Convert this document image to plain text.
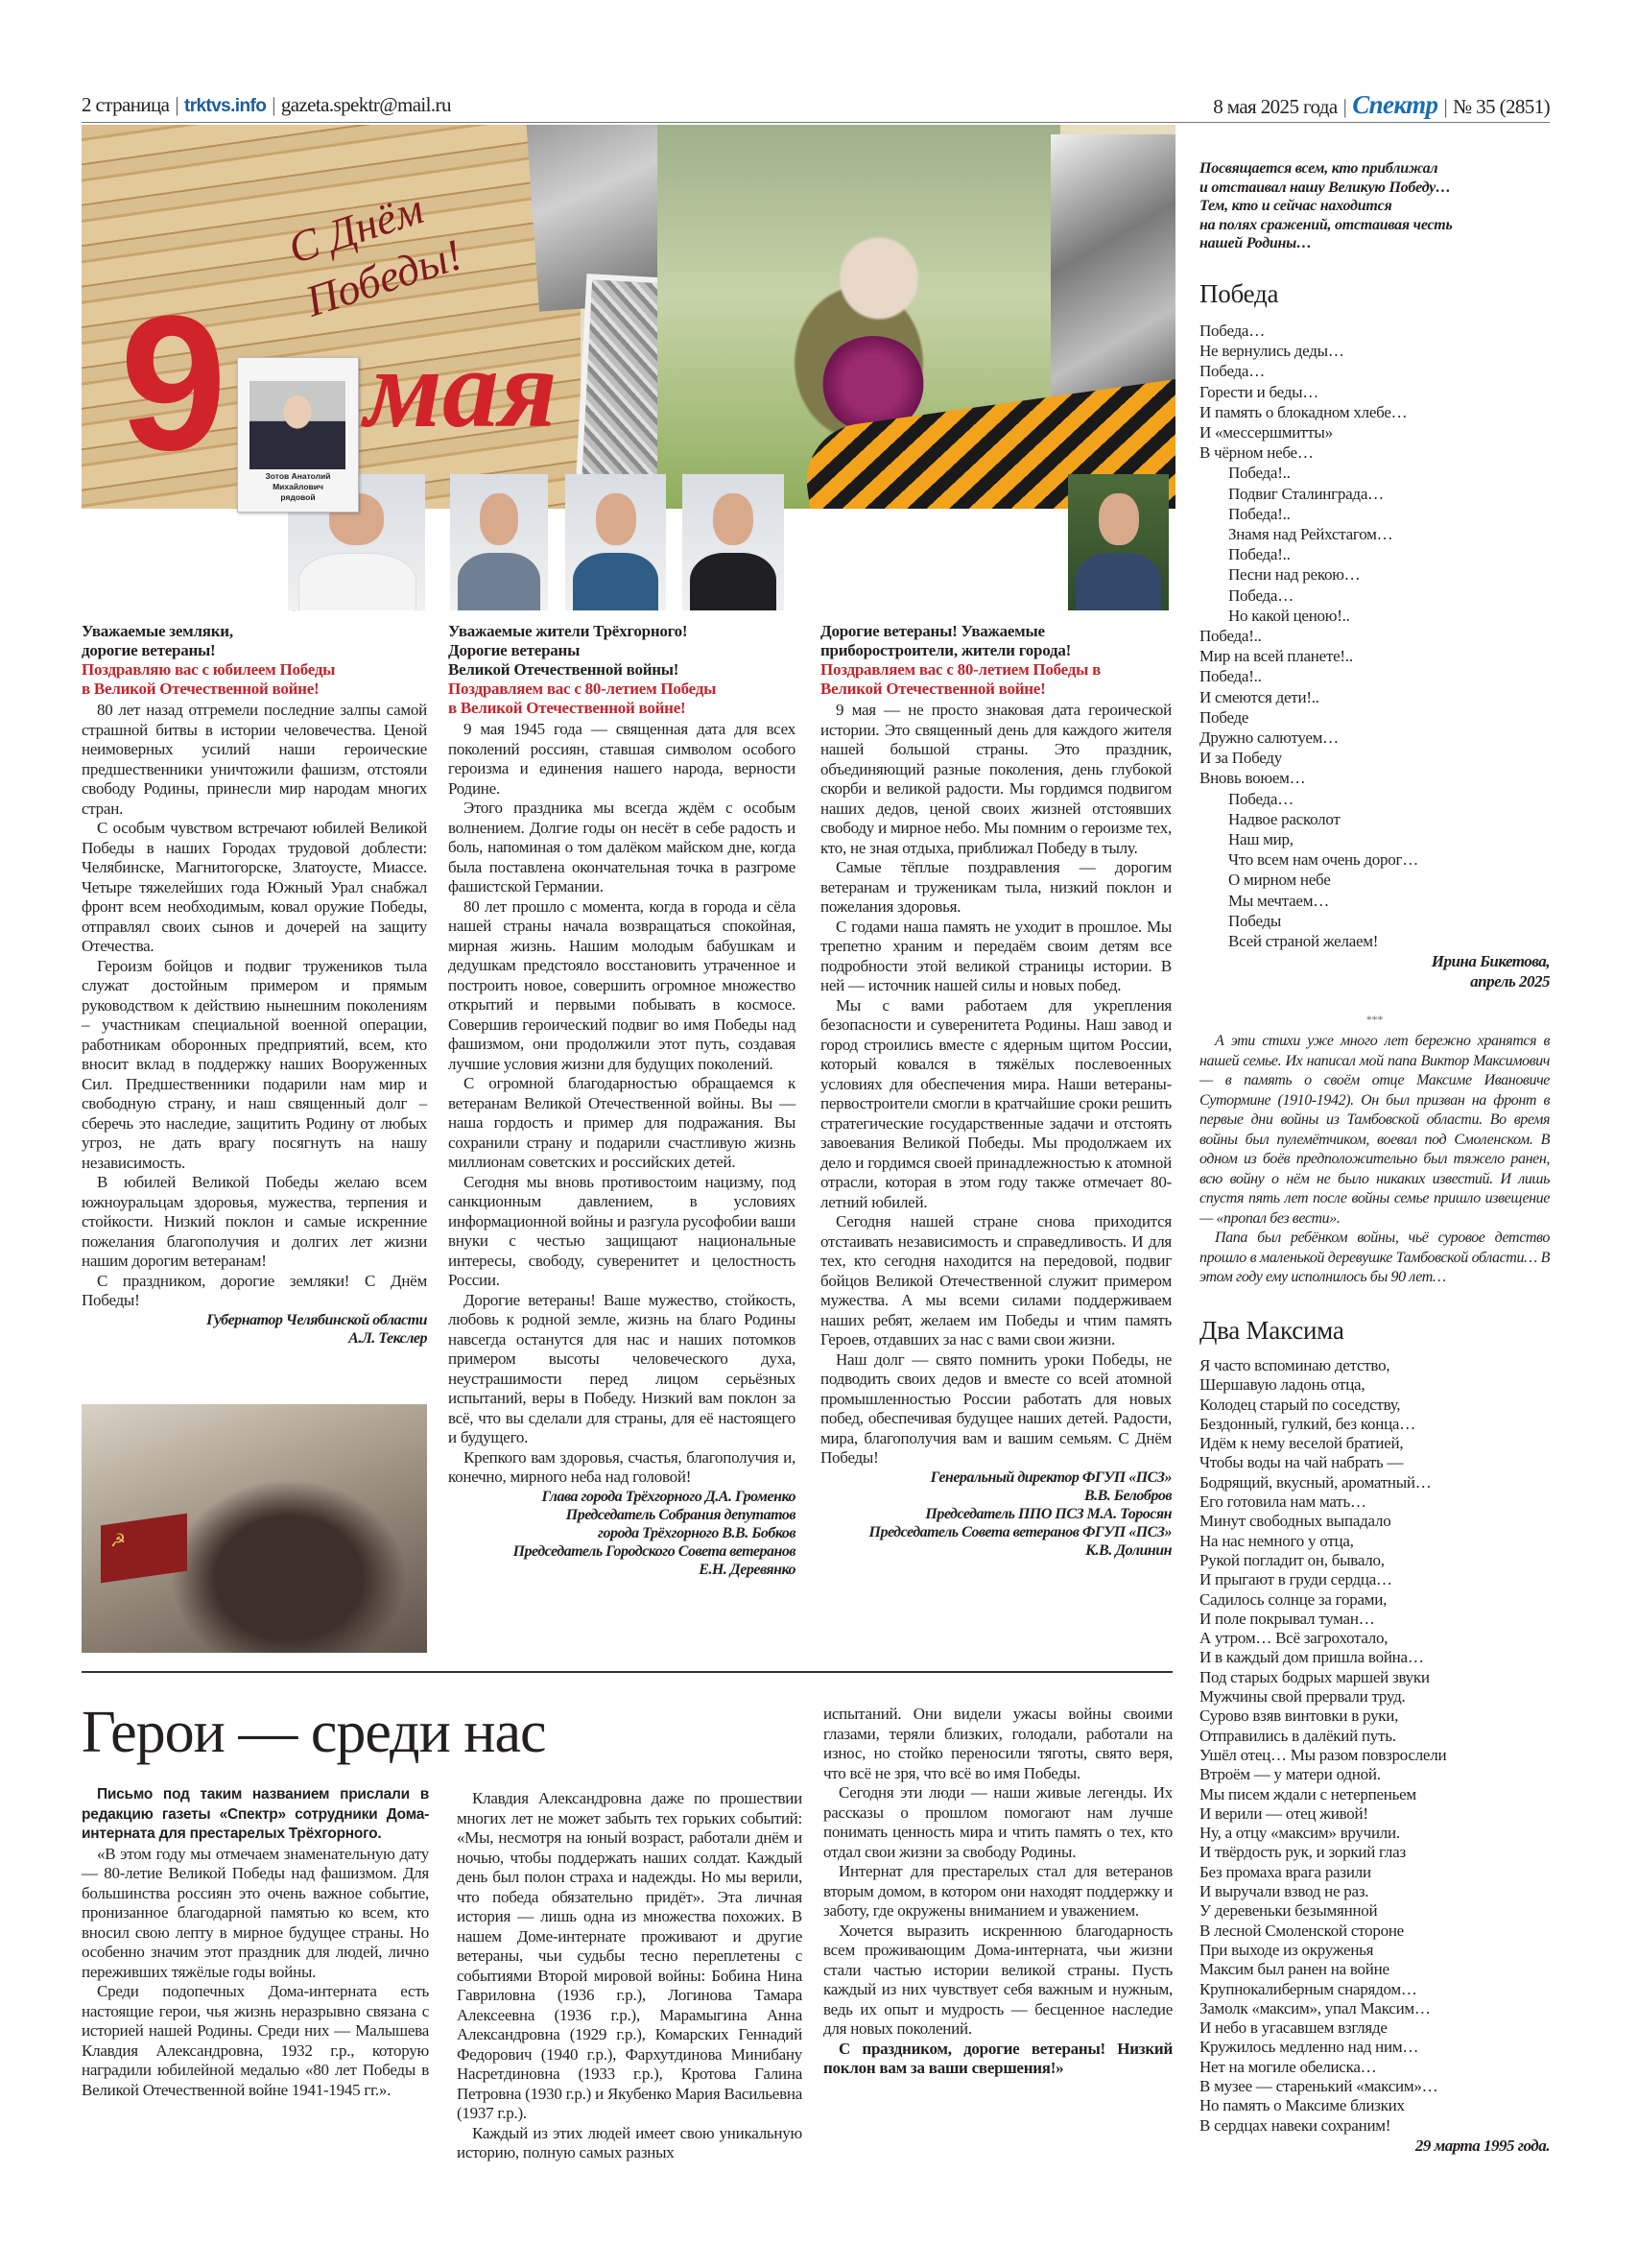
2 страница | trktvs.info | gazeta.spektr@mail.ru	8 мая 2025 года | Спектр | № 35 (2851)
9 мая
С Днём Победы!
Зотов Анатолий
Михайлович
рядовой
Уважаемые земляки,
дорогие ветераны!
Поздравляю вас с юбилеем Победы
в Великой Отечественной войне!

80 лет назад отгремели последние залпы самой страшной битвы в истории человечества. Ценой неимоверных усилий наши героические предшественники уничтожили фашизм, отстояли свободу Родины, принесли мир народам многих стран.

С особым чувством встречают юбилей Великой Победы в наших Городах трудовой доблести: Челябинске, Магнитогорске, Златоусте, Миассе. Четыре тяжелейших года Южный Урал снабжал фронт всем необходимым, ковал оружие Победы, отправлял своих сынов и дочерей на защиту Отечества.

Героизм бойцов и подвиг тружеников тыла служат достойным примером и прямым руководством к действию нынешним поколениям – участникам специальной военной операции, работникам оборонных предприятий, всем, кто вносит вклад в поддержку наших Вооруженных Сил. Предшественники подарили нам мир и свободную страну, и наш священный долг – сберечь это наследие, защитить Родину от любых угроз, не дать врагу посягнуть на нашу независимость.

В юбилей Великой Победы желаю всем южноуральцам здоровья, мужества, терпения и стойкости. Низкий поклон и самые искренние пожелания благополучия и долгих лет жизни нашим дорогим ветеранам!

С праздником, дорогие земляки! С Днём Победы!

Губернатор Челябинской области
А.Л. Текслер
Уважаемые жители Трёхгорного!
Дорогие ветераны
Великой Отечественной войны!
Поздравляем вас с 80-летием Победы
в Великой Отечественной войне!

9 мая 1945 года — священная дата для всех поколений россиян, ставшая символом особого героизма и единения нашего народа, верности Родине.

Этого праздника мы всегда ждём с особым волнением. Долгие годы он несёт в себе радость и боль, напоминая о том далёком майском дне, когда была поставлена окончательная точка в разгроме фашистской Германии.

80 лет прошло с момента, когда в города и сёла нашей страны начала возвращаться спокойная, мирная жизнь. Нашим молодым бабушкам и дедушкам предстояло восстановить утраченное и построить новое, совершить огромное множество открытий и первыми побывать в космосе. Совершив героический подвиг во имя Победы над фашизмом, они продолжили этот путь, создавая лучшие условия жизни для будущих поколений.

С огромной благодарностью обращаемся к ветеранам Великой Отечественной войны. Вы — наша гордость и пример для подражания. Вы сохранили страну и подарили счастливую жизнь миллионам советских и российских детей.

Сегодня мы вновь противостоим нацизму, под санкционным давлением, в условиях информационной войны и разгула русофобии ваши внуки с честью защищают национальные интересы, свободу, суверенитет и целостность России.

Дорогие ветераны! Ваше мужество, стойкость, любовь к родной земле, жизнь на благо Родины навсегда останутся для нас и наших потомков примером высоты человеческого духа, неустрашимости перед лицом серьёзных испытаний, веры в Победу. Низкий вам поклон за всё, что вы сделали для страны, для её настоящего и будущего.

Крепкого вам здоровья, счастья, благополучия и, конечно, мирного неба над головой!

Глава города Трёхгорного Д.А. Громенко
Председатель Собрания депутатов
города Трёхгорного В.В. Бобков
Председатель Городского Совета ветеранов
Е.Н. Деревянко
Дорогие ветераны! Уважаемые
приборостроители, жители города!
Поздравляем вас с 80-летием Победы в
Великой Отечественной войне!

9 мая — не просто знаковая дата героической истории. Это священный день для каждого жителя нашей большой страны. Это праздник, объединяющий разные поколения, день глубокой скорби и великой радости. Мы гордимся подвигом наших дедов, ценой своих жизней отстоявших свободу и мирное небо. Мы помним о героизме тех, кто, не зная отдыха, приближал Победу в тылу.

Самые тёплые поздравления — дорогим ветеранам и труженикам тыла, низкий поклон и пожелания здоровья.

С годами наша память не уходит в прошлое. Мы трепетно храним и передаём своим детям все подробности этой великой страницы истории. В ней — источник нашей силы и новых побед.

Мы с вами работаем для укрепления безопасности и суверенитета Родины. Наш завод и город строились вместе с ядерным щитом России, который ковался в тяжёлых послевоенных условиях для обеспечения мира. Наши ветераны-первостроители смогли в кратчайшие сроки решить стратегические государственные задачи и отстоять завоевания Великой Победы. Мы продолжаем их дело и гордимся своей принадлежностью к атомной отрасли, которая в этом году также отмечает 80-летний юбилей.

Сегодня нашей стране снова приходится отстаивать независимость и справедливость. И для тех, кто сегодня находится на передовой, подвиг бойцов Великой Отечественной служит примером мужества. А мы всеми силами поддерживаем наших ребят, желаем им Победы и чтим память Героев, отдавших за нас с вами свои жизни.

Наш долг — свято помнить уроки Победы, не подводить своих дедов и вместе со всей атомной промышленностью России работать для новых побед, обеспечивая будущее наших детей. Радости, мира, благополучия вам и вашим семьям. С Днём Победы!

Генеральный директор ФГУП «ПСЗ»
В.В. Белобров
Председатель ППО ПСЗ М.А. Торосян
Председатель Совета ветеранов ФГУП «ПСЗ»
К.В. Долинин
☭
Посвящается всем, кто приближал
и отстаивал нашу Великую Победу…
Тем, кто и сейчас находится
на полях сражений, отстаивая честь
нашей Родины…
Победа
Победа…
Не вернулись деды…
Победа…
Горести и беды…
И память о блокадном хлебе…
И «мессершмитты»
В чёрном небе…
Победа!..
Подвиг Сталинграда…
Победа!..
Знамя над Рейхстагом…
Победа!..
Песни над рекою…
Победа…
Но какой ценою!..
Победа!..
Мир на всей планете!..
Победа!..
И смеются дети!..
Победе
Дружно салютуем…
И за Победу
Вновь воюем…
Победа…
Надвое расколот
Наш мир,
Что всем нам очень дорог…
О мирном небе
Мы мечтаем…
Победы
Всей страной желаем!
Ирина Бикетова,
апрель 2025
***

А эти стихи уже много лет бережно хранятся в нашей семье. Их написал мой папа Виктор Максимович — в память о своём отце Максиме Ивановиче Сутормине (1910-1942). Он был призван на фронт в первые дни войны из Тамбовской области. Во время войны был пулемётчиком, воевал под Смоленском. В одном из боёв предположительно был тяжело ранен, всю войну о нём не было никаких известий. И лишь спустя пять лет после войны семье пришло извещение — «пропал без вести».

Папа был ребёнком войны, чьё суровое детство прошло в маленькой деревушке Тамбовской области… В этом году ему исполнилось бы 90 лет…

Два Максима
Я часто вспоминаю детство,
Шершавую ладонь отца,
Колодец старый по соседству,
Бездонный, гулкий, без конца…
Идём к нему веселой братией,
Чтобы воды на чай набрать —
Бодрящий, вкусный, ароматный…
Его готовила нам мать…
Минут свободных выпадало
На нас немного у отца,
Рукой погладит он, бывало,
И прыгают в груди сердца…
Садилось солнце за горами,
И поле покрывал туман…
А утром… Всё загрохотало,
И в каждый дом пришла война…
Под старых бодрых маршей звуки
Мужчины свой прервали труд.
Сурово взяв винтовки в руки,
Отправились в далёкий путь.
Ушёл отец… Мы разом повзрослели
Втроём — у матери одной.
Мы писем ждали с нетерпеньем
И верили — отец живой!
Ну, а отцу «максим» вручили.
И твёрдость рук, и зоркий глаз
Без промаха врага разили
И выручали взвод не раз.
У деревеньки безымянной
В лесной Смоленской стороне
При выходе из окруженья
Максим был ранен на войне
Крупнокалиберным снарядом…
Замолк «максим», упал Максим…
И небо в угасавшем взгляде
Кружилось медленно над ним…
Нет на могиле обелиска…
В музее — старенький «максим»…
Но память о Максиме близких
В сердцах навеки сохраним!
29 марта 1995 года.
Герои — среди нас
Письмо под таким названием прислали в редакцию газеты «Спектр» сотрудники Дома-интерната для престарелых Трёхгорного.

«В этом году мы отмечаем знаменательную дату — 80-летие Великой Победы над фашизмом. Для большинства россиян это очень важное событие, пронизанное благодарной памятью ко всем, кто вносил свою лепту в мирное будущее страны. Но особенно значим этот праздник для людей, лично переживших тяжёлые годы войны.

Среди подопечных Дома-интерната есть настоящие герои, чья жизнь неразрывно связана с историей нашей Родины. Среди них — Малышева Клавдия Александровна, 1932 г.р., которую наградили юбилейной медалью «80 лет Победы в Великой Отечественной войне 1941-1945 гг.».

Клавдия Александровна даже по прошествии многих лет не может забыть тех горьких событий: «Мы, несмотря на юный возраст, работали днём и ночью, чтобы поддержать наших солдат. Каждый день был полон страха и надежды. Но мы верили, что победа обязательно придёт». Эта личная история — лишь одна из множества похожих. В нашем Доме-интернате проживают и другие ветераны, чьи судьбы тесно переплетены с событиями Второй мировой войны: Бобина Нина Гавриловна (1936 г.р.), Логинова Тамара Алексеевна (1936 г.р.), Марамыгина Анна Александровна (1929 г.р.), Комарских Геннадий Федорович (1940 г.р.), Фархутдинова Минибану Насретдиновна (1933 г.р.), Кротова Галина Петровна (1930 г.р.) и Якубенко Мария Васильевна (1937 г.р.).

Каждый из этих людей имеет свою уникальную историю, полную самых разных

испытаний. Они видели ужасы войны своими глазами, теряли близких, голодали, работали на износ, но стойко переносили тяготы, свято веря, что всё не зря, что всё во имя Победы.

Сегодня эти люди — наши живые легенды. Их рассказы о прошлом помогают нам лучше понимать ценность мира и чтить память о тех, кто отдал свои жизни за свободу Родины.

Интернат для престарелых стал для ветеранов вторым домом, в котором они находят поддержку и заботу, где окружены вниманием и уважением.

Хочется выразить искреннюю благодарность всем проживающим Дома-интерната, чьи жизни стали частью истории великой страны. Пусть каждый из них чувствует себя важным и нужным, ведь их опыт и мудрость — бесценное наследие для новых поколений.

С праздником, дорогие ветераны! Низкий поклон вам за ваши свершения!»
